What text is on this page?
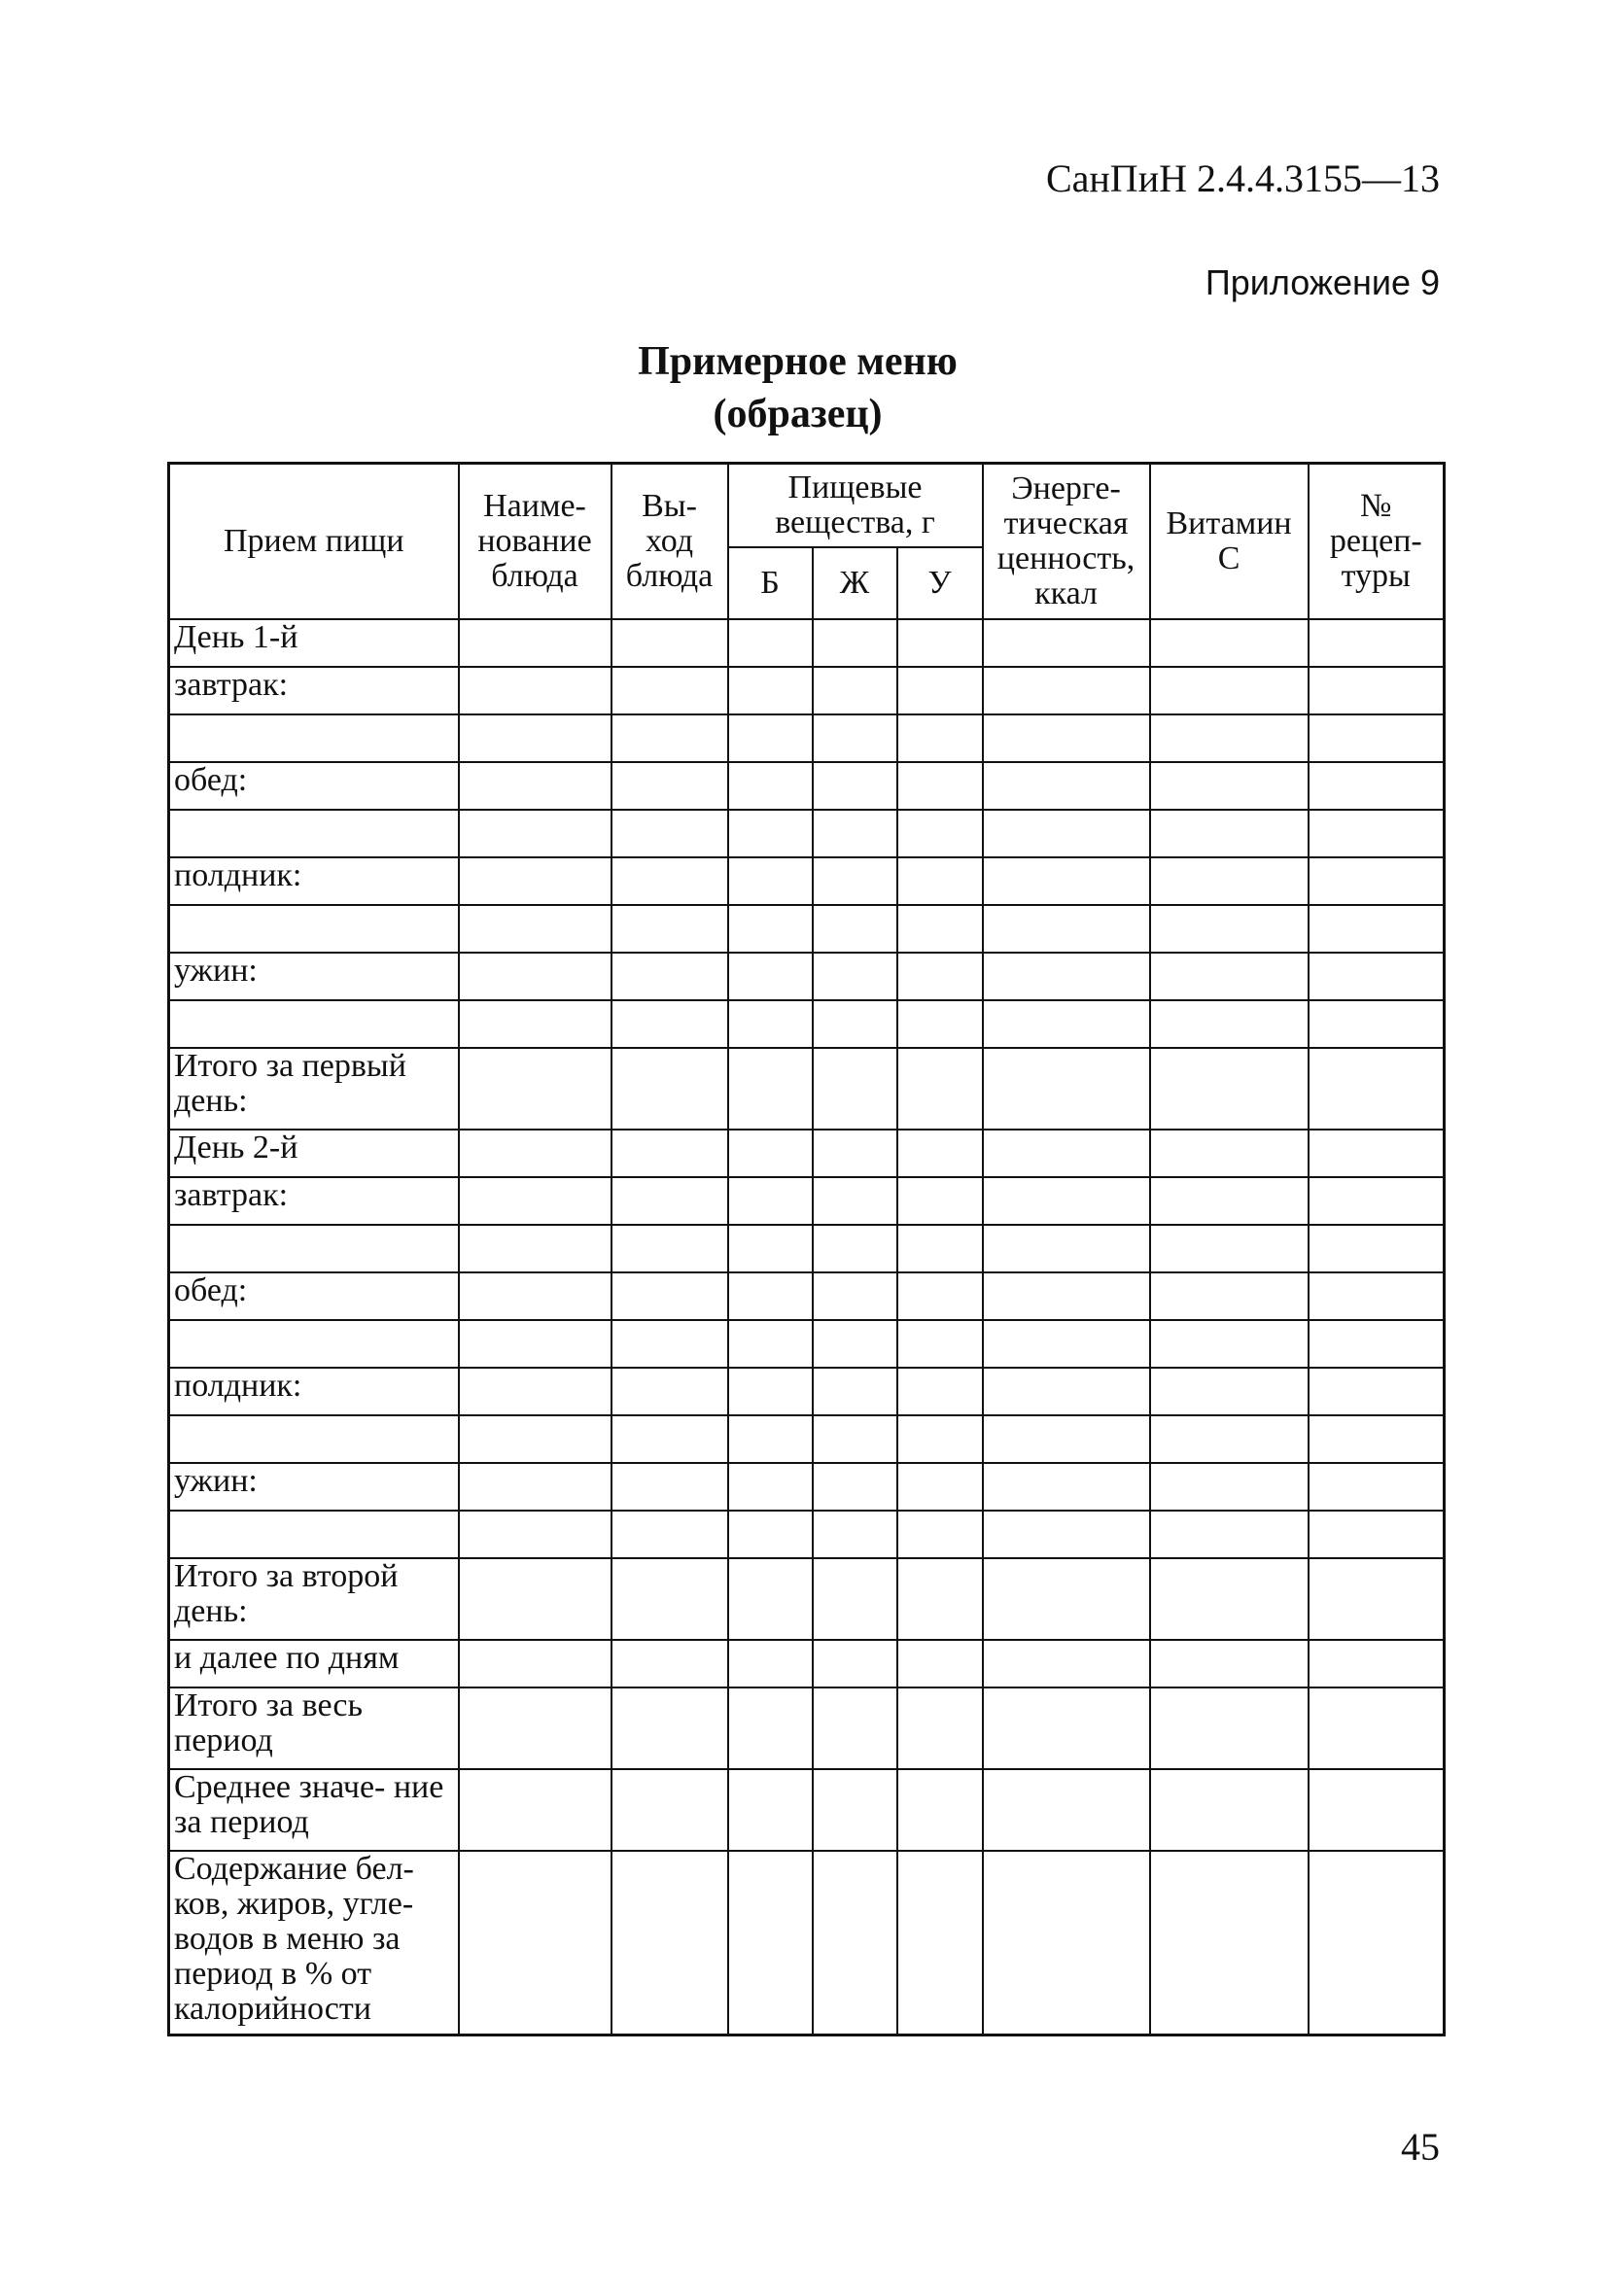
СанПиН 2.4.4.3155—13
Приложение 9
Примерное меню
(образец)
Прием пищи	Наиме- нование блюда	Вы- ход блюда	Пищевые вещества, г			Энерге- тическая ценность, ккал	Витамин С	№ рецеп- туры
			Б	Ж	У			
День 1-й								
завтрак:								

обед:								

полдник:								

ужин:								

Итого за первый день:								
День 2-й								
завтрак:								

обед:								

полдник:								

ужин:								

Итого за второй день:								
и далее по дням								
Итого за весь период								
Среднее значе- ние за период								
Содержание бел- ков, жиров, угле- водов в меню за период в % от калорийности								
45
